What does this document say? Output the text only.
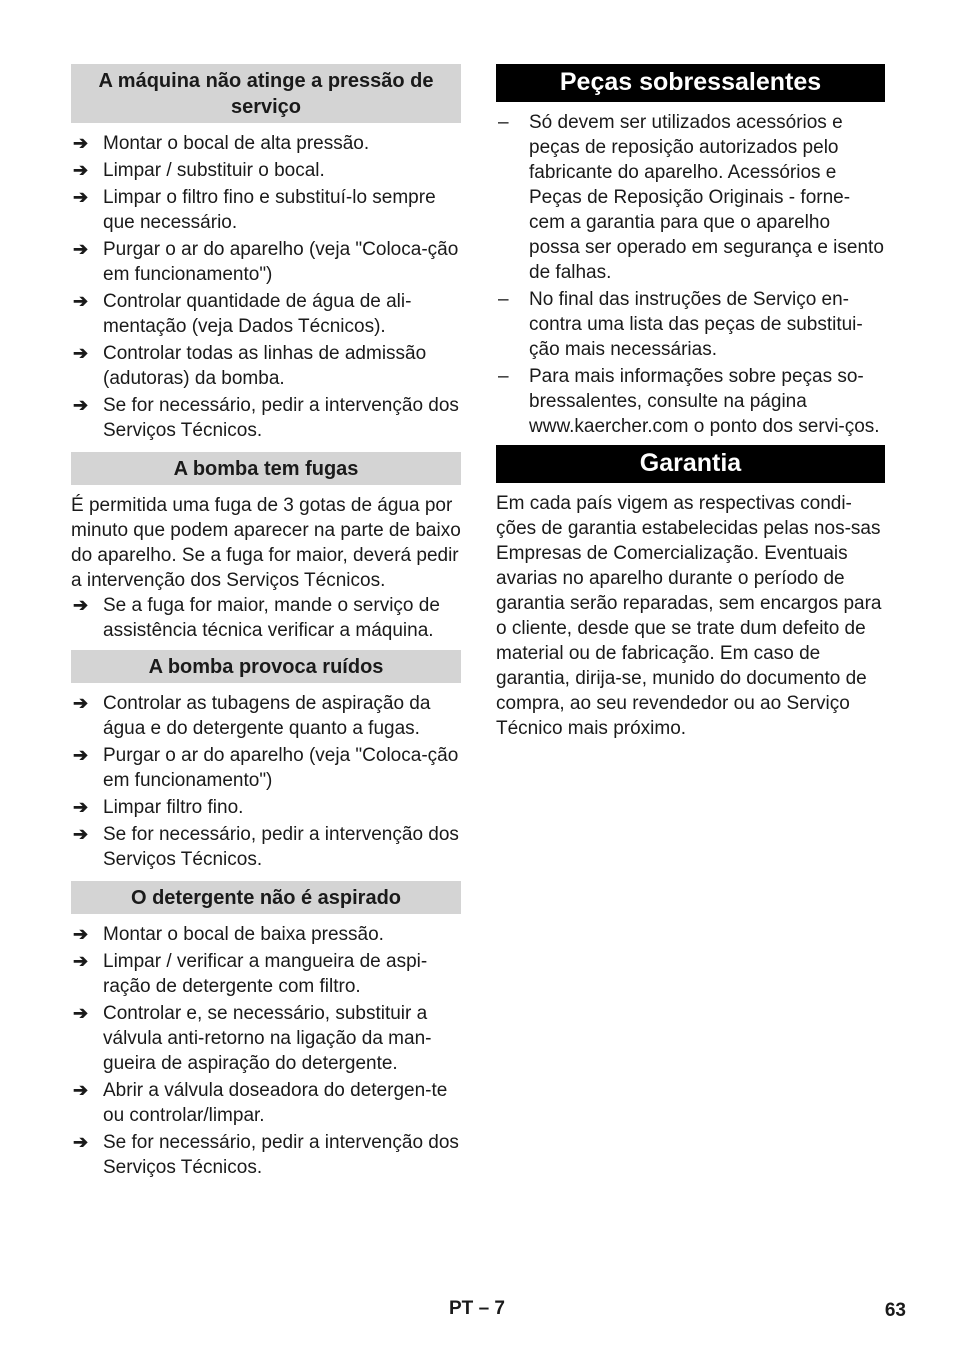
A máquina não atinge a pressão de serviço
➔ Montar o bocal de alta pressão.
➔ Limpar / substituir o bocal.
➔ Limpar o filtro fino e substituí-lo sempre que necessário.
➔ Purgar o ar do aparelho (veja "Coloca-ção em funcionamento")
➔ Controlar quantidade de água de ali-mentação (veja Dados Técnicos).
➔ Controlar todas as linhas de admissão (adutoras) da bomba.
➔ Se for necessário, pedir a intervenção dos Serviços Técnicos.
A bomba tem fugas

É permitida uma fuga de 3 gotas de água por minuto que podem aparecer na parte de baixo do aparelho. Se a fuga for maior, deverá pedir a intervenção dos Serviços Técnicos.

➔ Se a fuga for maior, mande o serviço de assistência técnica verificar a máquina.
A bomba provoca ruídos
➔ Controlar as tubagens de aspiração da água e do detergente quanto a fugas.
➔ Purgar o ar do aparelho (veja "Coloca-ção em funcionamento")
➔ Limpar filtro fino.
➔ Se for necessário, pedir a intervenção dos Serviços Técnicos.
O detergente não é aspirado
➔ Montar o bocal de baixa pressão.
➔ Limpar / verificar a mangueira de aspi-ração de detergente com filtro.
➔ Controlar e, se necessário, substituir a válvula anti-retorno na ligação da man-gueira de aspiração do detergente.
➔ Abrir a válvula doseadora do detergen-te ou controlar/limpar.
➔ Se for necessário, pedir a intervenção dos Serviços Técnicos.
Peças sobressalentes
– Só devem ser utilizados acessórios e peças de reposição autorizados pelo fabricante do aparelho. Acessórios e Peças de Reposição Originais - forne-cem a garantia para que o aparelho possa ser operado em segurança e isento de falhas.
– No final das instruções de Serviço en-contra uma lista das peças de substitui-ção mais necessárias.
– Para mais informações sobre peças so-bressalentes, consulte na página www.kaercher.com o ponto dos servi-ços.
Garantia

Em cada país vigem as respectivas condi-ções de garantia estabelecidas pelas nos-sas Empresas de Comercialização. Eventuais avarias no aparelho durante o período de garantia serão reparadas, sem encargos para o cliente, desde que se trate dum defeito de material ou de fabricação. Em caso de garantia, dirija-se, munido do documento de compra, ao seu revendedor ou ao Serviço Técnico mais próximo.

PT – 7	63
